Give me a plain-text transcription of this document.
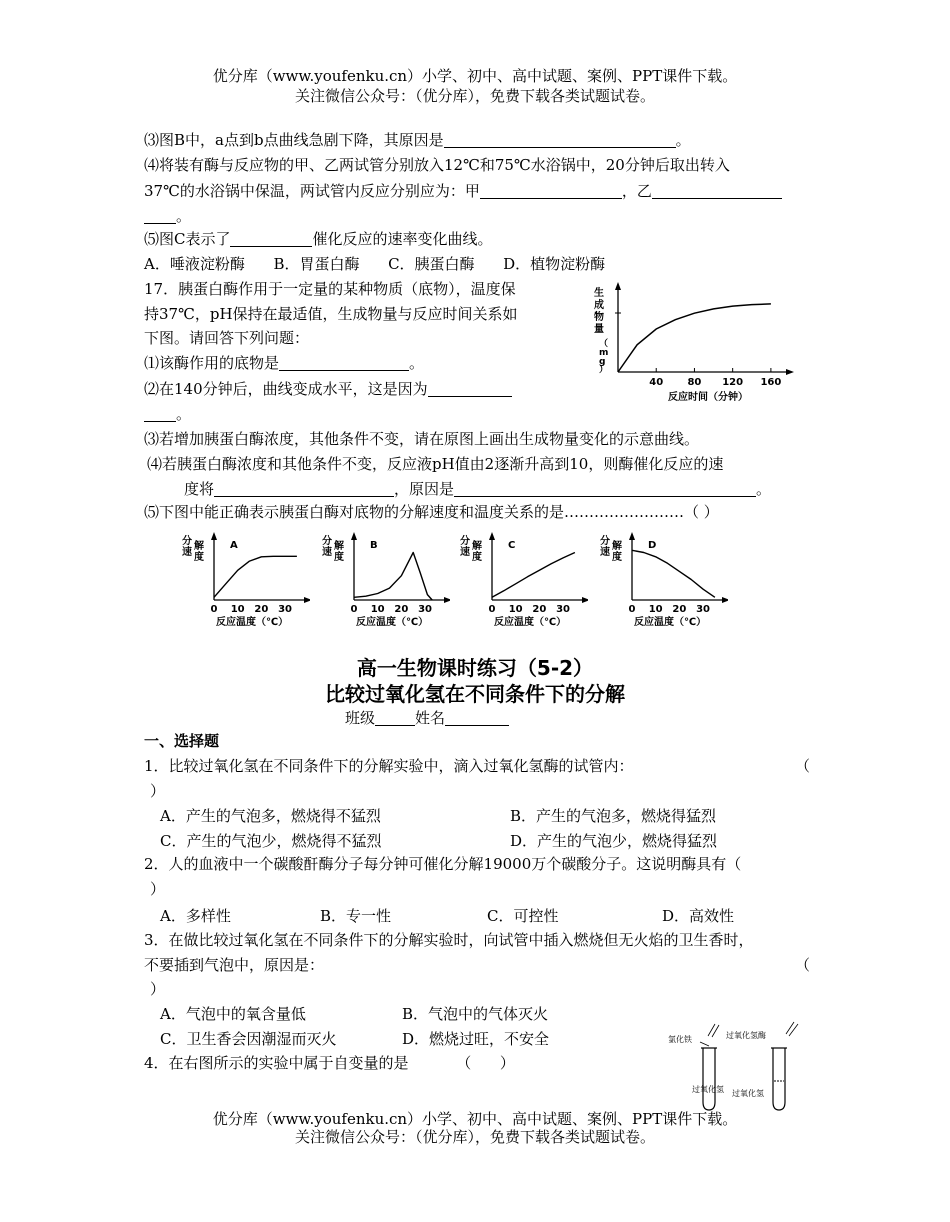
优分库（www.youfenku.cn）小学、初中、高中试题、案例、PPT课件下载。
关注微信公众号：（优分库），免费下载各类试题试卷。
⑶图B中，a点到b点曲线急剧下降，其原因是	。
⑷将装有酶与反应物的甲、乙两试管分别放入12℃和75℃水浴锅中，20分钟后取出转入
37℃的水浴锅中保温，两试管内反应分别应为：甲	，乙
。
⑸图C表示了	催化反应的速率变化曲线。
A．唾液淀粉酶      B．胃蛋白酶      C．胰蛋白酶      D．植物淀粉酶
17．胰蛋白酶作用于一定量的某种物质（底物），温度保
持37℃，pH保持在最适值，生成物量与反应时间关系如
下图。请回答下列问题：
⑴该酶作用的底物是	。
⑵在140分钟后，曲线变成水平，这是因为
。
生
成
物
量
（
m
g
）
40 80 120 160
反应时间（分钟）
⑶若增加胰蛋白酶浓度，其他条件不变，请在原图上画出生成物量变化的示意曲线。
⑷若胰蛋白酶浓度和其他条件不变，反应液pH值由2逐渐升高到10，则酶催化反应的速
度将	，原因是	。
⑸下图中能正确表示胰蛋白酶对底物的分解速度和温度关系的是……………………（ ）
A
分 解速 度
0 10 20 30
反应温度（℃）
B
分 解速 度
0 10 20 30
反应温度（℃）
C
分 解速 度
0 10 20 30
反应温度（℃）
D
分 解速 度
0 10 20 30
反应温度（℃）
高一生物课时练习（5-2）
比较过氧化氢在不同条件下的分解
班级	姓名
一、选择题
1．比较过氧化氢在不同条件下的分解实验中，滴入过氧化氢酶的试管内：	（
）
A．产生的气泡多，燃烧得不猛烈	B．产生的气泡多，燃烧得猛烈
C．产生的气泡少，燃烧得不猛烈	D．产生的气泡少，燃烧得猛烈
2．人的血液中一个碳酸酐酶分子每分钟可催化分解19000万个碳酸分子。这说明酶具有（
）
A．多样性	B．专一性	C．可控性	D．高效性
3．在做比较过氧化氢在不同条件下的分解实验时，向试管中插入燃烧但无火焰的卫生香时，
不要插到气泡中，原因是：	（
）
A．气泡中的氧含量低	B．气泡中的气体灭火
C．卫生香会因潮湿而灭火	D．燃烧过旺，不安全
4．在右图所示的实验中属于自变量的是          （      ）
氯化铁	过氧化氢酶
过氧化氢 过氧化氢
优分库（www.youfenku.cn）小学、初中、高中试题、案例、PPT课件下载。
关注微信公众号：（优分库），免费下载各类试题试卷。
